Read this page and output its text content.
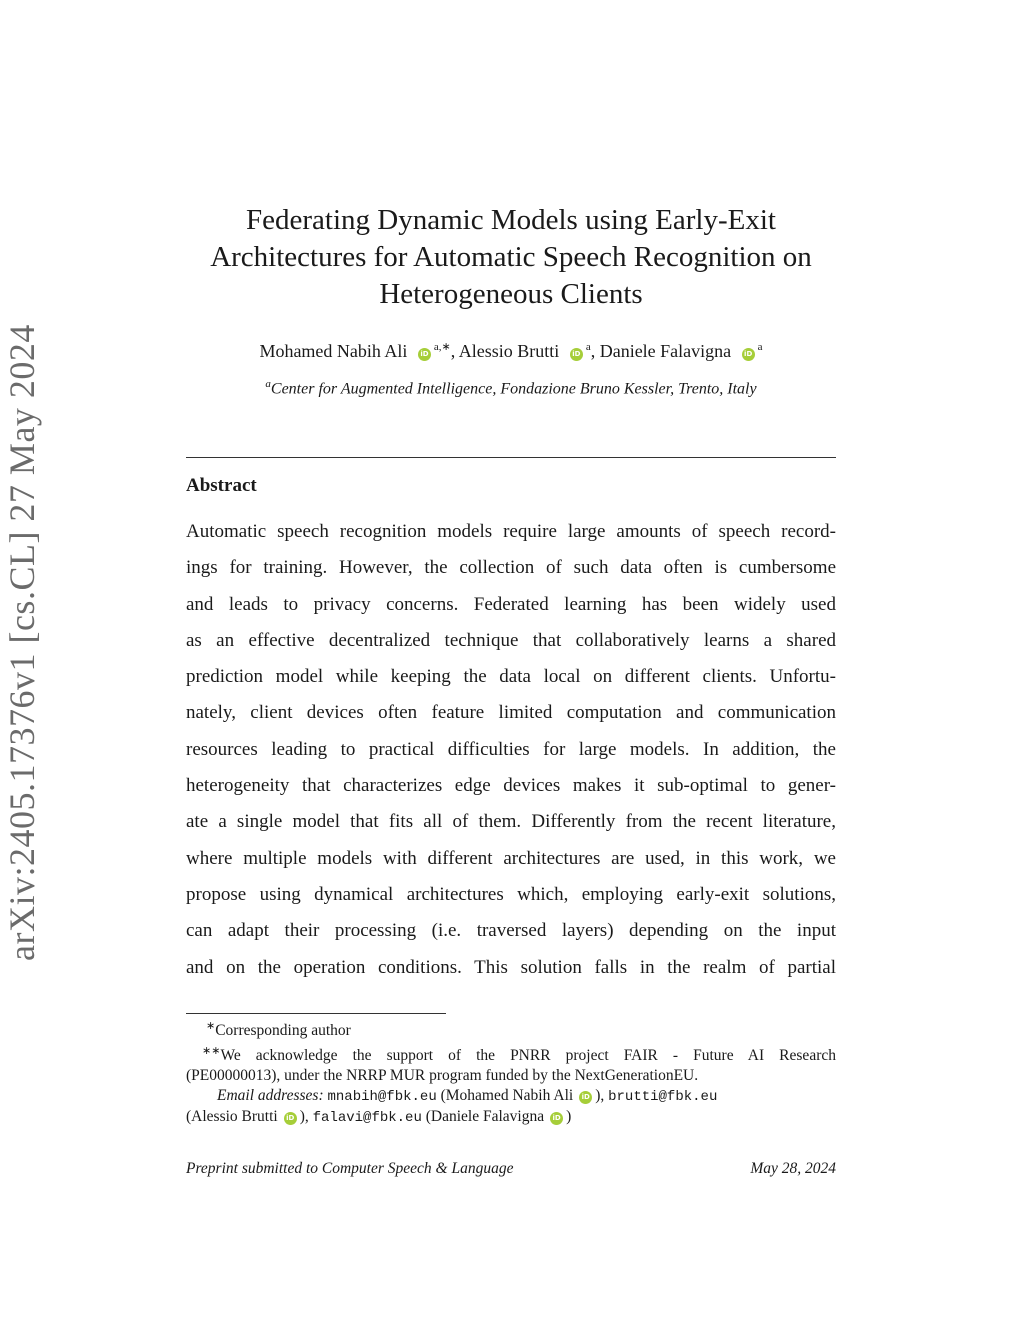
arXiv:2405.17376v1 [cs.CL] 27 May 2024
Federating Dynamic Models using Early-Exit
Architectures for Automatic Speech Recognition on
Heterogeneous Clients
Mohamed Nabih Ali $iD^{a,∗}$, Alessio Brutti $iD^a$, Daniele Falavigna $iD^a$
$^a$Center for Augmented Intelligence, Fondazione Bruno Kessler, Trento, Italy
Abstract
Automatic speech recognition models require large amounts of speech record-
ings for training. However, the collection of such data often is cumbersome
and leads to privacy concerns. Federated learning has been widely used
as an effective decentralized technique that collaboratively learns a shared
prediction model while keeping the data local on different clients. Unfortu-
nately, client devices often feature limited computation and communication
resources leading to practical difficulties for large models. In addition, the
heterogeneity that characterizes edge devices makes it sub-optimal to gener-
ate a single model that fits all of them. Differently from the recent literature,
where multiple models with different architectures are used, in this work, we
propose using dynamical architectures which, employing early-exit solutions,
can adapt their processing (i.e. traversed layers) depending on the input
and on the operation conditions. This solution falls in the realm of partial
∗Corresponding author
∗∗We acknowledge the support of the PNRR project FAIR - Future AI Research
(PE00000013), under the NRRP MUR program funded by the NextGenerationEU.
Email addresses: mnabih@fbk.eu (Mohamed Nabih Ali iD ), brutti@fbk.eu
(Alessio Brutti iD ), falavi@fbk.eu (Daniele Falavigna iD )
Preprint submitted to Computer Speech & Language	May 28, 2024
